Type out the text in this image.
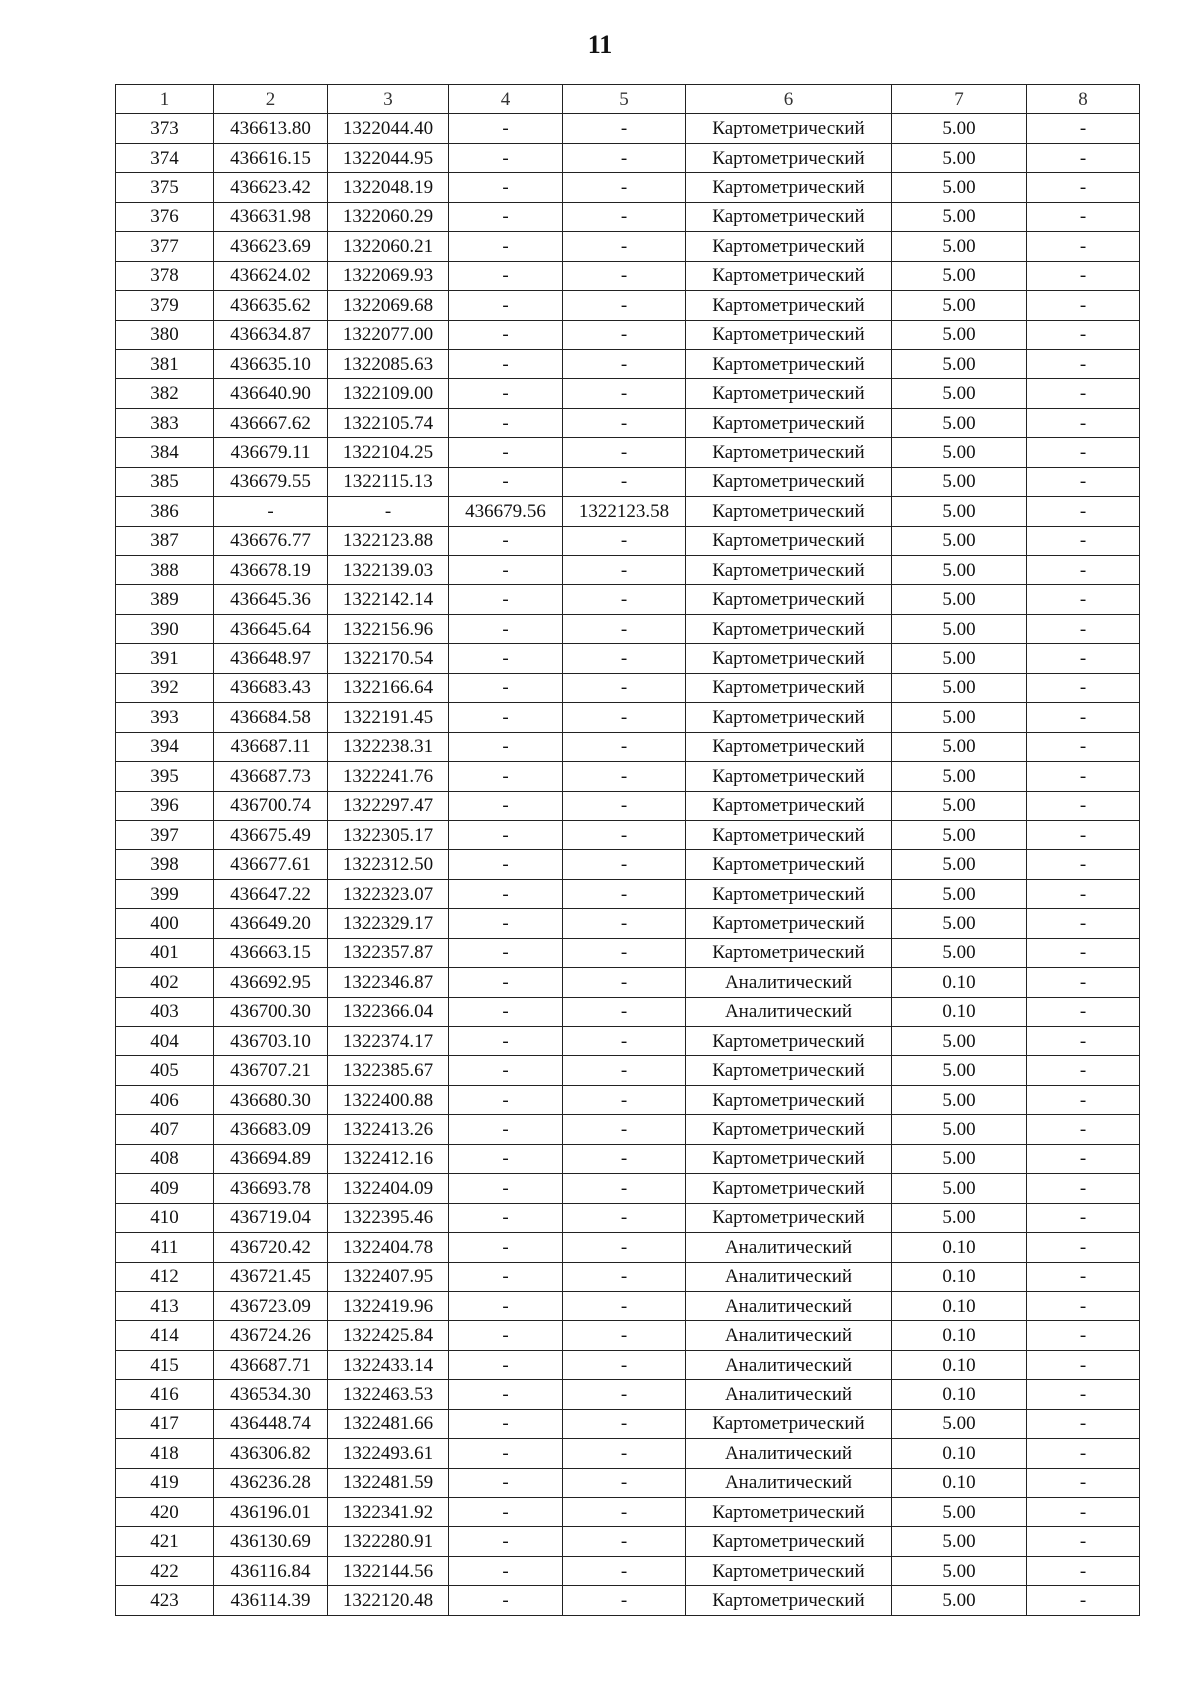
11
1	2	3	4	5	6	7	8
373	436613.80	1322044.40	-	-	Картометрический	5.00	-
374	436616.15	1322044.95	-	-	Картометрический	5.00	-
375	436623.42	1322048.19	-	-	Картометрический	5.00	-
376	436631.98	1322060.29	-	-	Картометрический	5.00	-
377	436623.69	1322060.21	-	-	Картометрический	5.00	-
378	436624.02	1322069.93	-	-	Картометрический	5.00	-
379	436635.62	1322069.68	-	-	Картометрический	5.00	-
380	436634.87	1322077.00	-	-	Картометрический	5.00	-
381	436635.10	1322085.63	-	-	Картометрический	5.00	-
382	436640.90	1322109.00	-	-	Картометрический	5.00	-
383	436667.62	1322105.74	-	-	Картометрический	5.00	-
384	436679.11	1322104.25	-	-	Картометрический	5.00	-
385	436679.55	1322115.13	-	-	Картометрический	5.00	-
386	-	-	436679.56	1322123.58	Картометрический	5.00	-
387	436676.77	1322123.88	-	-	Картометрический	5.00	-
388	436678.19	1322139.03	-	-	Картометрический	5.00	-
389	436645.36	1322142.14	-	-	Картометрический	5.00	-
390	436645.64	1322156.96	-	-	Картометрический	5.00	-
391	436648.97	1322170.54	-	-	Картометрический	5.00	-
392	436683.43	1322166.64	-	-	Картометрический	5.00	-
393	436684.58	1322191.45	-	-	Картометрический	5.00	-
394	436687.11	1322238.31	-	-	Картометрический	5.00	-
395	436687.73	1322241.76	-	-	Картометрический	5.00	-
396	436700.74	1322297.47	-	-	Картометрический	5.00	-
397	436675.49	1322305.17	-	-	Картометрический	5.00	-
398	436677.61	1322312.50	-	-	Картометрический	5.00	-
399	436647.22	1322323.07	-	-	Картометрический	5.00	-
400	436649.20	1322329.17	-	-	Картометрический	5.00	-
401	436663.15	1322357.87	-	-	Картометрический	5.00	-
402	436692.95	1322346.87	-	-	Аналитический	0.10	-
403	436700.30	1322366.04	-	-	Аналитический	0.10	-
404	436703.10	1322374.17	-	-	Картометрический	5.00	-
405	436707.21	1322385.67	-	-	Картометрический	5.00	-
406	436680.30	1322400.88	-	-	Картометрический	5.00	-
407	436683.09	1322413.26	-	-	Картометрический	5.00	-
408	436694.89	1322412.16	-	-	Картометрический	5.00	-
409	436693.78	1322404.09	-	-	Картометрический	5.00	-
410	436719.04	1322395.46	-	-	Картометрический	5.00	-
411	436720.42	1322404.78	-	-	Аналитический	0.10	-
412	436721.45	1322407.95	-	-	Аналитический	0.10	-
413	436723.09	1322419.96	-	-	Аналитический	0.10	-
414	436724.26	1322425.84	-	-	Аналитический	0.10	-
415	436687.71	1322433.14	-	-	Аналитический	0.10	-
416	436534.30	1322463.53	-	-	Аналитический	0.10	-
417	436448.74	1322481.66	-	-	Картометрический	5.00	-
418	436306.82	1322493.61	-	-	Аналитический	0.10	-
419	436236.28	1322481.59	-	-	Аналитический	0.10	-
420	436196.01	1322341.92	-	-	Картометрический	5.00	-
421	436130.69	1322280.91	-	-	Картометрический	5.00	-
422	436116.84	1322144.56	-	-	Картометрический	5.00	-
423	436114.39	1322120.48	-	-	Картометрический	5.00	-
